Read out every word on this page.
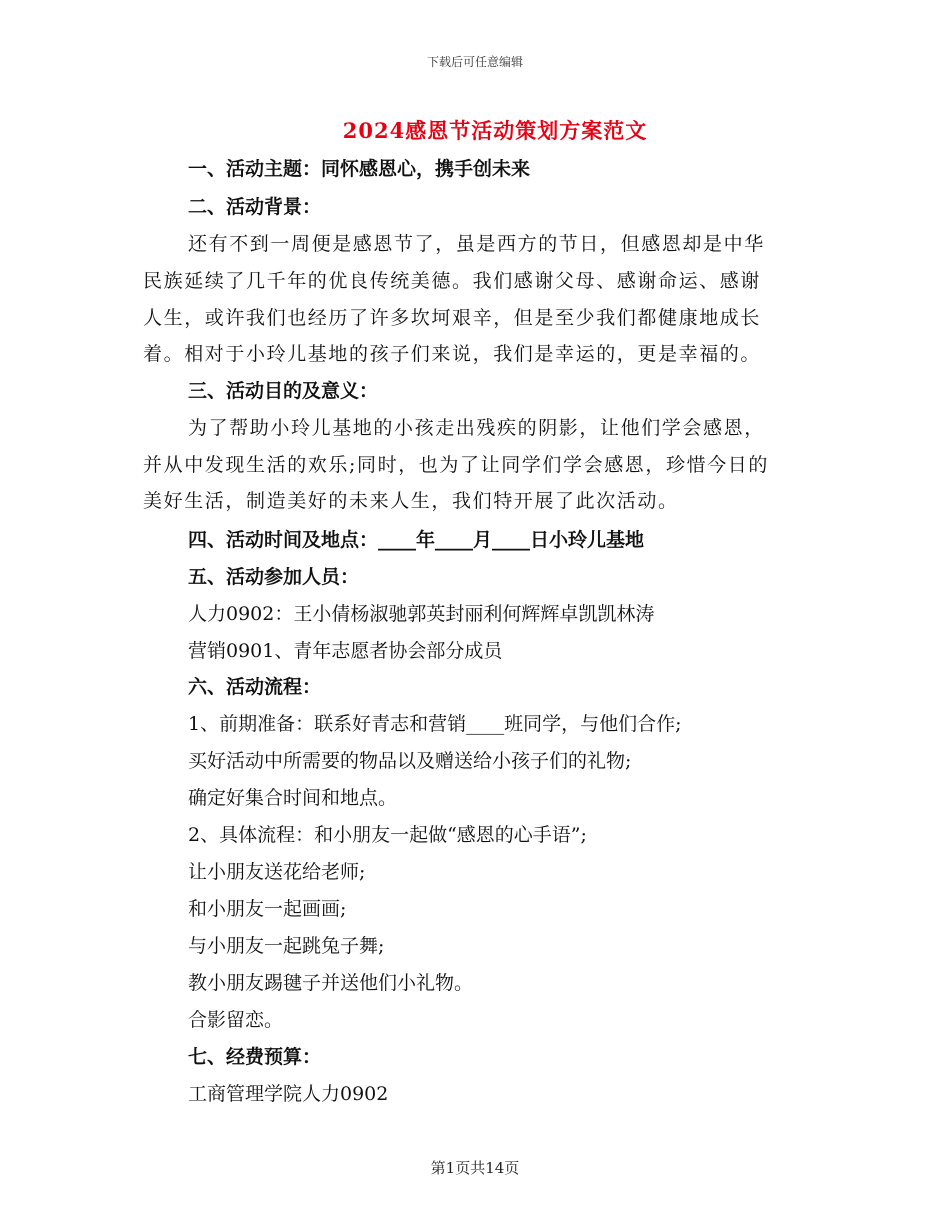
下载后可任意编辑
2024感恩节活动策划方案范文
一、活动主题：同怀感恩心，携手创未来
二、活动背景：
还有不到一周便是感恩节了，虽是西方的节日，但感恩却是中华
民族延续了几千年的优良传统美德。我们感谢父母、感谢命运、感谢
人生，或许我们也经历了许多坎坷艰辛，但是至少我们都健康地成长
着。相对于小玲儿基地的孩子们来说，我们是幸运的，更是幸福的。
三、活动目的及意义：
为了帮助小玲儿基地的小孩走出残疾的阴影，让他们学会感恩，
并从中发现生活的欢乐;同时，也为了让同学们学会感恩，珍惜今日的
美好生活，制造美好的未来人生，我们特开展了此次活动。
四、活动时间及地点：____年____月____日小玲儿基地
五、活动参加人员：
人力0902：王小倩杨淑驰郭英封丽利何辉辉卓凯凯林涛
营销0901、青年志愿者协会部分成员
六、活动流程：
1、前期准备：联系好青志和营销____班同学，与他们合作;
买好活动中所需要的物品以及赠送给小孩子们的礼物;
确定好集合时间和地点。
2、具体流程：和小朋友一起做“感恩的心手语”;
让小朋友送花给老师;
和小朋友一起画画;
与小朋友一起跳兔子舞;
教小朋友踢毽子并送他们小礼物。
合影留恋。
七、经费预算：
工商管理学院人力0902
第1页共14页
